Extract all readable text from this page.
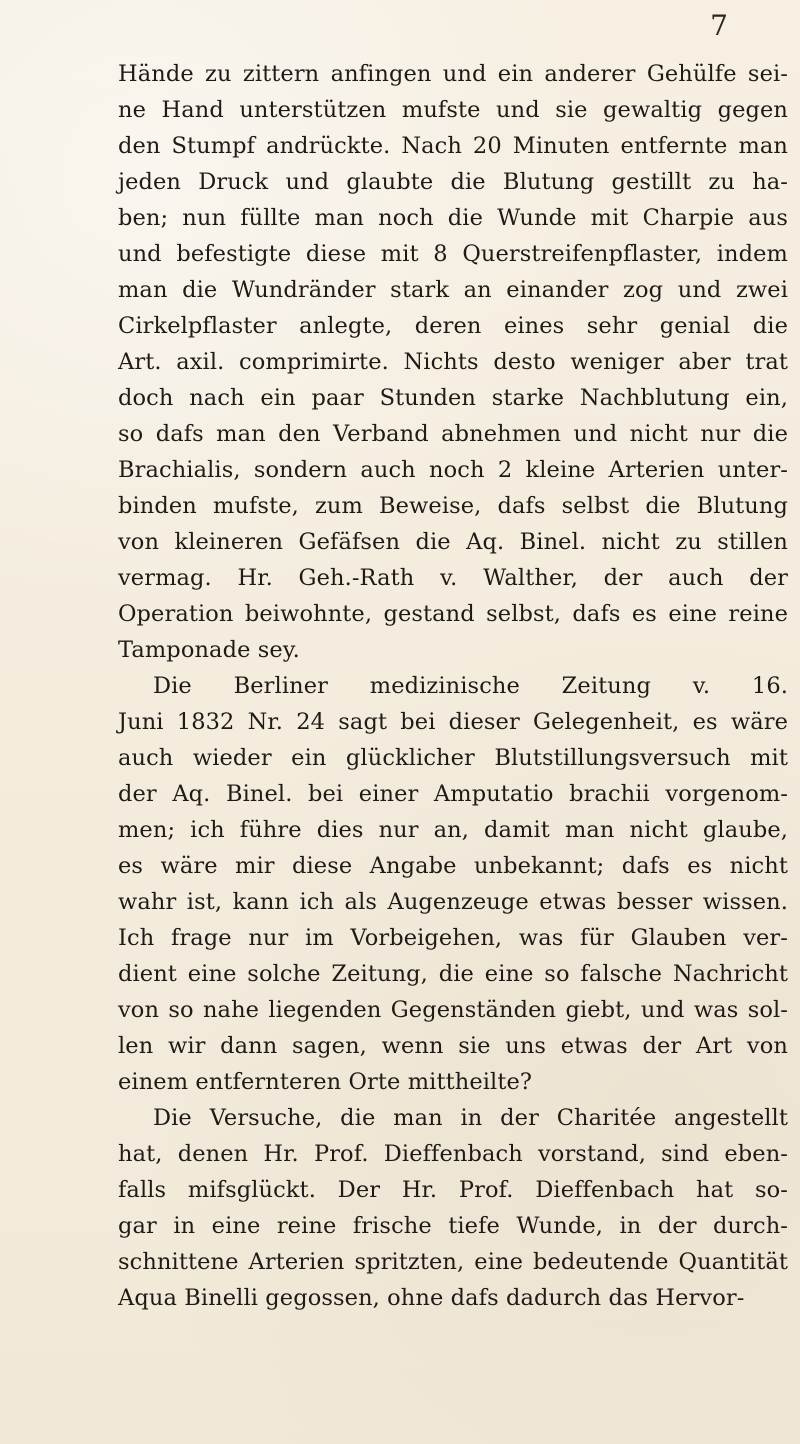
7
Hände zu zittern anfingen und ein anderer Gehülfe sei-
ne Hand unterstützen mufste und sie gewaltig gegen
den Stumpf andrückte. Nach 20 Minuten entfernte man
jeden Druck und glaubte die Blutung gestillt zu ha-
ben; nun füllte man noch die Wunde mit Charpie aus
und befestigte diese mit 8 Querstreifenpflaster, indem
man die Wundränder stark an einander zog und zwei
Cirkelpflaster anlegte, deren eines sehr genial die
Art. axil. comprimirte. Nichts desto weniger aber trat
doch nach ein paar Stunden starke Nachblutung ein,
so dafs man den Verband abnehmen und nicht nur die
Brachialis, sondern auch noch 2 kleine Arterien unter-
binden mufste, zum Beweise, dafs selbst die Blutung
von kleineren Gefäfsen die Aq. Binel. nicht zu stillen
vermag. Hr. Geh.-Rath v. Walther, der auch der
Operation beiwohnte, gestand selbst, dafs es eine reine
Tamponade sey.
Die Berliner medizinische Zeitung v. 16.
Juni 1832 Nr. 24 sagt bei dieser Gelegenheit, es wäre
auch wieder ein glücklicher Blutstillungsversuch mit
der Aq. Binel. bei einer Amputatio brachii vorgenom-
men; ich führe dies nur an, damit man nicht glaube,
es wäre mir diese Angabe unbekannt; dafs es nicht
wahr ist, kann ich als Augenzeuge etwas besser wissen.
Ich frage nur im Vorbeigehen, was für Glauben ver-
dient eine solche Zeitung, die eine so falsche Nachricht
von so nahe liegenden Gegenständen giebt, und was sol-
len wir dann sagen, wenn sie uns etwas der Art von
einem entfernteren Orte mittheilte?
Die Versuche, die man in der Charitée angestellt
hat, denen Hr. Prof. Dieffenbach vorstand, sind eben-
falls mifsglückt. Der Hr. Prof. Dieffenbach hat so-
gar in eine reine frische tiefe Wunde, in der durch-
schnittene Arterien spritzten, eine bedeutende Quantität
Aqua Binelli gegossen, ohne dafs dadurch das Hervor-
